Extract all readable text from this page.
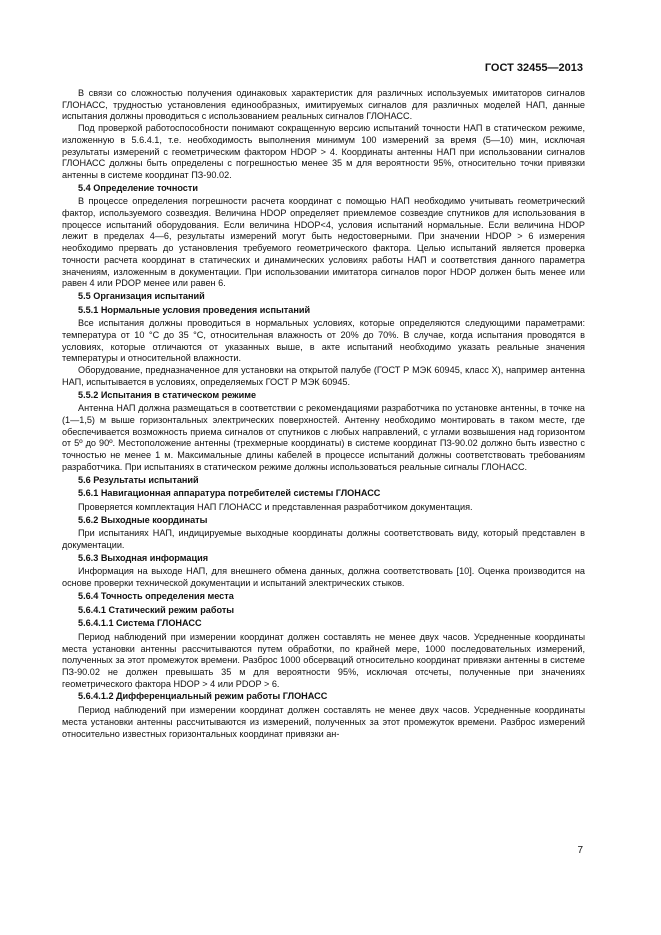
ГОСТ 32455—2013
В связи со сложностью получения одинаковых характеристик для различных используемых имитаторов сигналов ГЛОНАСС, трудностью установления единообразных, имитируемых сигналов для различных моделей НАП, данные испытания должны проводиться с использованием реальных сигналов ГЛОНАСС.
Под проверкой работоспособности понимают сокращенную версию испытаний точности НАП в статическом режиме, изложенную в 5.6.4.1, т.е. необходимость выполнения минимум 100 измерений за время (5—10) мин, исключая результаты измерений с геометрическим фактором HDOP > 4. Координаты антенны НАП при использовании сигналов ГЛОНАСС должны быть определены с погрешностью менее 35 м для вероятности 95%, относительно точки привязки антенны в системе координат ПЗ-90.02.
5.4 Определение точности
В процессе определения погрешности расчета координат с помощью НАП необходимо учитывать геометрический фактор, используемого созвездия. Величина HDOP определяет приемлемое созвездие спутников для использования в процессе испытаний оборудования. Если величина HDOP<4, условия испытаний нормальные. Если величина HDOP лежит в пределах 4—6, результаты измерений могут быть недостоверными. При значении HDOP > 6 измерения необходимо прервать до установления требуемого геометрического фактора. Целью испытаний является проверка точности расчета координат в статических и динамических условиях работы НАП и соответствия данного параметра значениям, изложенным в документации. При использовании имитатора сигналов порог HDOP должен быть менее или равен 4 или PDOP менее или равен 6.
5.5 Организация испытаний
5.5.1 Нормальные условия проведения испытаний
Все испытания должны проводиться в нормальных условиях, которые определяются следующими параметрами: температура от 10 °С до 35 °С, относительная влажность от 20% до 70%. В случае, когда испытания проводятся в условиях, которые отличаются от указанных выше, в акте испытаний необходимо указать реальные значения температуры и относительной влажности.
Оборудование, предназначенное для установки на открытой палубе (ГОСТ Р МЭК 60945, класс X), например антенна НАП, испытывается в условиях, определяемых ГОСТ Р МЭК 60945.
5.5.2 Испытания в статическом режиме
Антенна НАП должна размещаться в соответствии с рекомендациями разработчика по установке антенны, в точке на (1—1,5) м выше горизонтальных электрических поверхностей. Антенну необходимо монтировать в таком месте, где обеспечивается возможность приема сигналов от спутников с любых направлений, с углами возвышения над горизонтом от 5º до 90º. Местоположение антенны (трехмерные координаты) в системе координат ПЗ-90.02 должно быть известно с точностью не менее 1 м. Максимальные длины кабелей в процессе испытаний должны соответствовать требованиям разработчика. При испытаниях в статическом режиме должны использоваться реальные сигналы ГЛОНАСС.
5.6 Результаты испытаний
5.6.1 Навигационная аппаратура потребителей системы ГЛОНАСС
Проверяется комплектация НАП ГЛОНАСС и представленная разработчиком документация.
5.6.2 Выходные координаты
При испытаниях НАП, индицируемые выходные координаты должны соответствовать виду, который представлен в документации.
5.6.3 Выходная информация
Информация на выходе НАП, для внешнего обмена данных, должна соответствовать [10]. Оценка производится на основе проверки технической документации и испытаний электрических стыков.
5.6.4 Точность определения места
5.6.4.1 Статический режим работы
5.6.4.1.1 Система ГЛОНАСС
Период наблюдений при измерении координат должен составлять не менее двух часов. Усредненные координаты места установки антенны рассчитываются путем обработки, по крайней мере, 1000 последовательных измерений, полученных за этот промежуток времени. Разброс 1000 обсерваций относительно координат привязки антенны в системе ПЗ-90.02 не должен превышать 35 м для вероятности 95%, исключая отсчеты, полученные при значениях геометрического фактора HDOP > 4 или PDOP > 6.
5.6.4.1.2 Дифференциальный режим работы ГЛОНАСС
Период наблюдений при измерении координат должен составлять не менее двух часов. Усредненные координаты места установки антенны рассчитываются из измерений, полученных за этот промежуток времени. Разброс измерений относительно известных горизонтальных координат привязки ан-
7
